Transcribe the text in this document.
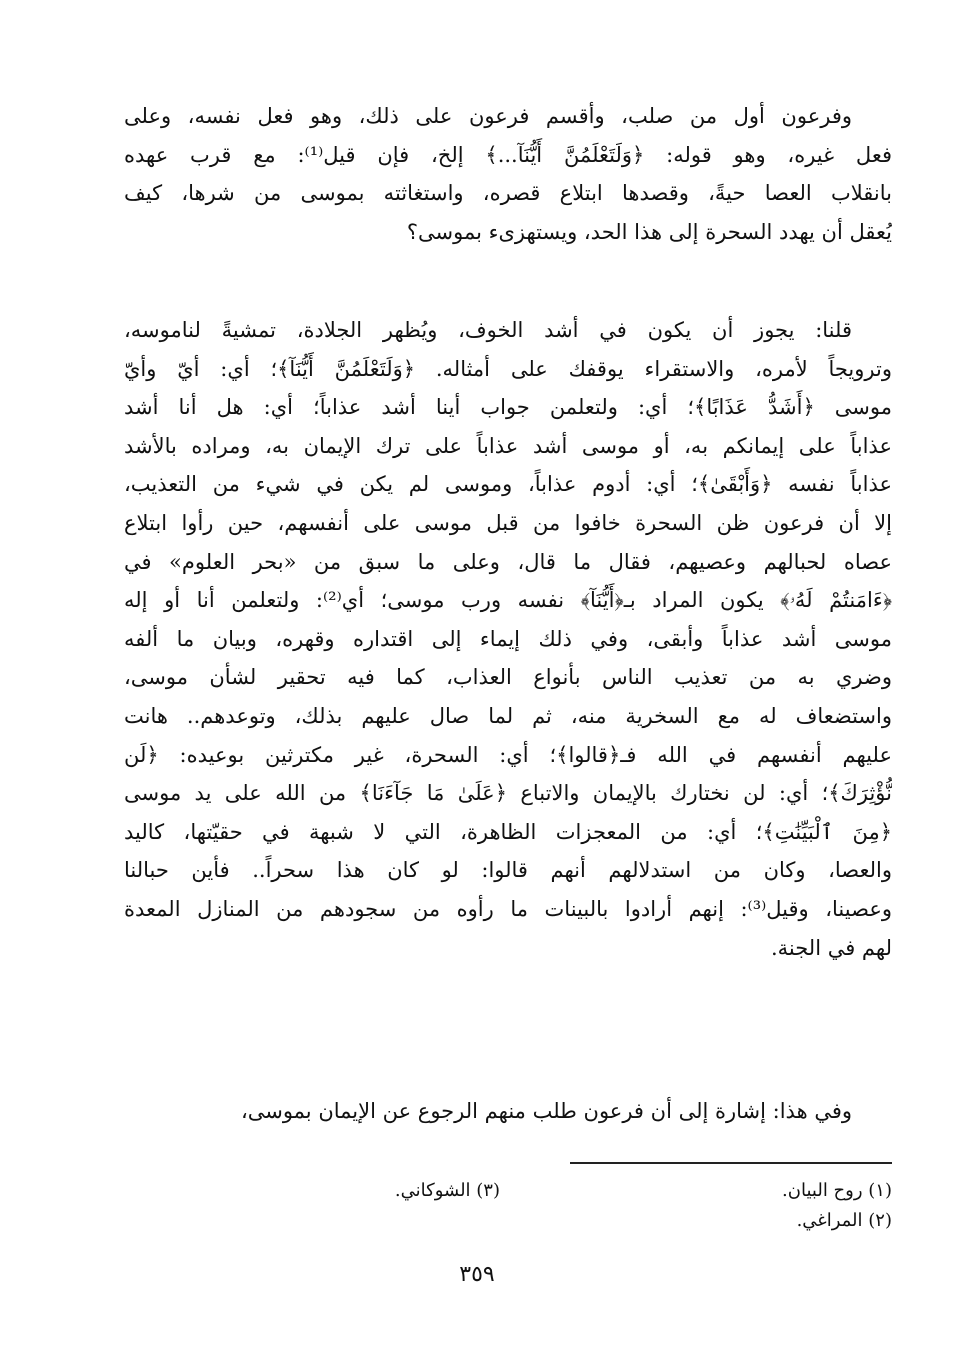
وفرعون أول من صلب، وأقسم فرعون على ذلك، وهو فعل نفسه، وعلى
فعل غيره، وهو قوله: ﴿وَلَتَعْلَمُنَّ أَيُّنَآ...﴾ إلخ، فإن قيل⁽¹⁾: مع قرب عهده
بانقلاب العصا حيةً، وقصدها ابتلاع قصره، واستغاثته بموسى من شرها، كيف
يُعقل أن يهدد السحرة إلى هذا الحد، ويستهزىء بموسى؟
قلنا: يجوز أن يكون في أشد الخوف، ويُظهر الجلادة، تمشيةً لناموسه،
وترويجاً لأمره، والاستقراء يوقفك على أمثاله. ﴿وَلَتَعْلَمُنَّ أَيُّنَآ﴾؛ أي: أيّ وأيّ
موسى ﴿أَشَدُّ عَذَابًا﴾؛ أي: ولتعلمن جواب أينا أشد عذاباً؛ أي: هل أنا أشد
عذاباً على إيمانكم به، أو موسى أشد عذاباً على ترك الإيمان به، ومراده بالأشد
عذاباً نفسه ﴿وَأَبْقَىٰ﴾؛ أي: أدوم عذاباً، وموسى لم يكن في شيء من التعذيب،
إلا أن فرعون ظن السحرة خافوا من قبل موسى على أنفسهم، حين رأوا ابتلاع
عصاه لحبالهم وعصيهم، فقال ما قال، وعلى ما سبق من «بحر العلوم» في
﴿ءَامَنتُمْ لَهُۥ﴾ يكون المراد بـ﴿أَيُّنَآ﴾ نفسه ورب موسى؛ أي⁽²⁾: ولتعلمن أنا أو إله
موسى أشد عذاباً وأبقى، وفي ذلك إيماء إلى اقتداره وقهره، وبيان ما ألفه
وضري به من تعذيب الناس بأنواع العذاب، كما فيه تحقير لشأن موسى،
واستضعاف له مع السخرية منه، ثم لما صال عليهم بذلك، وتوعدهم.. هانت
عليهم أنفسهم في الله فـ﴿قالوا﴾؛ أي: السحرة، غير مكترثين بوعيده: ﴿لَن
نُّؤْثِرَكَ﴾؛ أي: لن نختارك بالإيمان والاتباع ﴿عَلَىٰ مَا جَآءَنَا﴾ من الله على يد موسى
﴿مِنَ ٱلْبَيِّنَٰتِ﴾؛ أي: من المعجزات الظاهرة، التي لا شبهة في حقيّتها، كاليد
والعصا، وكان من استدلالهم أنهم قالوا: لو كان هذا سحراً.. فأين حبالنا
وعصينا، وقيل⁽³⁾: إنهم أرادوا بالبينات ما رأوه من سجودهم من المنازل المعدة
لهم في الجنة.
وفي هذا: إشارة إلى أن فرعون طلب منهم الرجوع عن الإيمان بموسى،
(١) روح البيان.
(٢) المراغي.
(٣) الشوكاني.
٣٥٩
